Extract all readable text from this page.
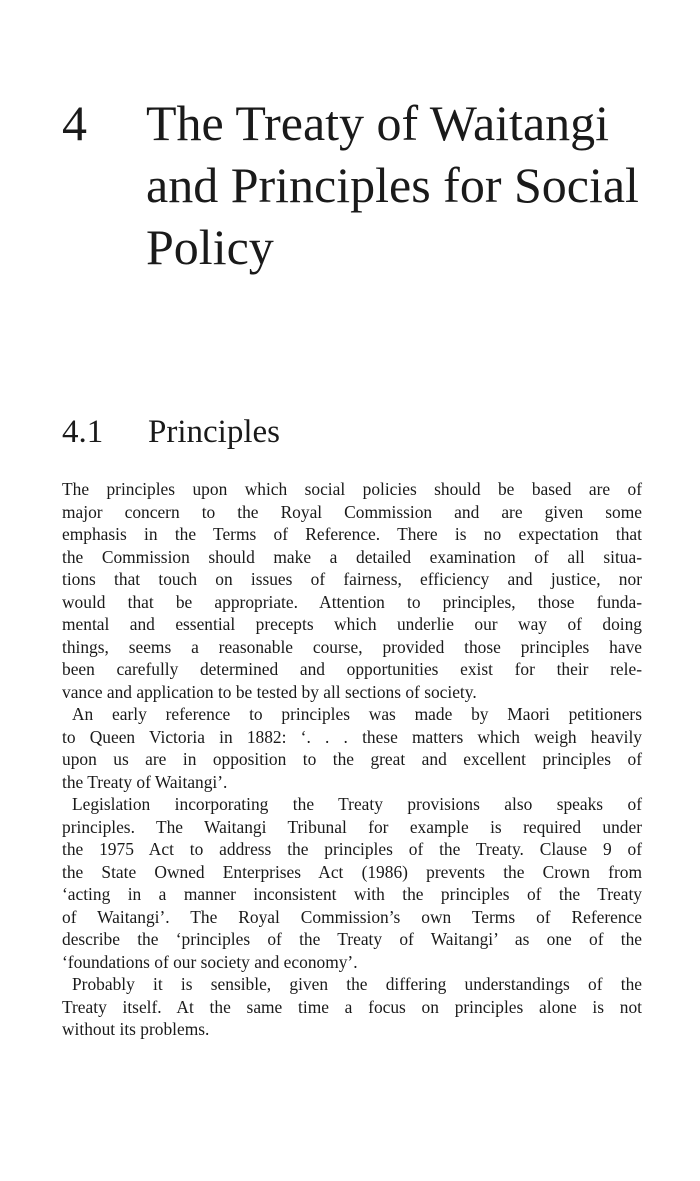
4 The Treaty of Waitangi
and Principles for Social
Policy
4.1 Principles
The principles upon which social policies should be based are of
major concern to the Royal Commission and are given some
emphasis in the Terms of Reference. There is no expectation that
the Commission should make a detailed examination of all situa-
tions that touch on issues of fairness, efficiency and justice, nor
would that be appropriate. Attention to principles, those funda-
mental and essential precepts which underlie our way of doing
things, seems a reasonable course, provided those principles have
been carefully determined and opportunities exist for their rele-
vance and application to be tested by all sections of society.
An early reference to principles was made by Maori petitioners
to Queen Victoria in 1882: ‘. . . these matters which weigh heavily
upon us are in opposition to the great and excellent principles of
the Treaty of Waitangi’.
Legislation incorporating the Treaty provisions also speaks of
principles. The Waitangi Tribunal for example is required under
the 1975 Act to address the principles of the Treaty. Clause 9 of
the State Owned Enterprises Act (1986) prevents the Crown from
‘acting in a manner inconsistent with the principles of the Treaty
of Waitangi’. The Royal Commission’s own Terms of Reference
describe the ‘principles of the Treaty of Waitangi’ as one of the
‘foundations of our society and economy’.
Probably it is sensible, given the differing understandings of the
Treaty itself. At the same time a focus on principles alone is not
without its problems.
